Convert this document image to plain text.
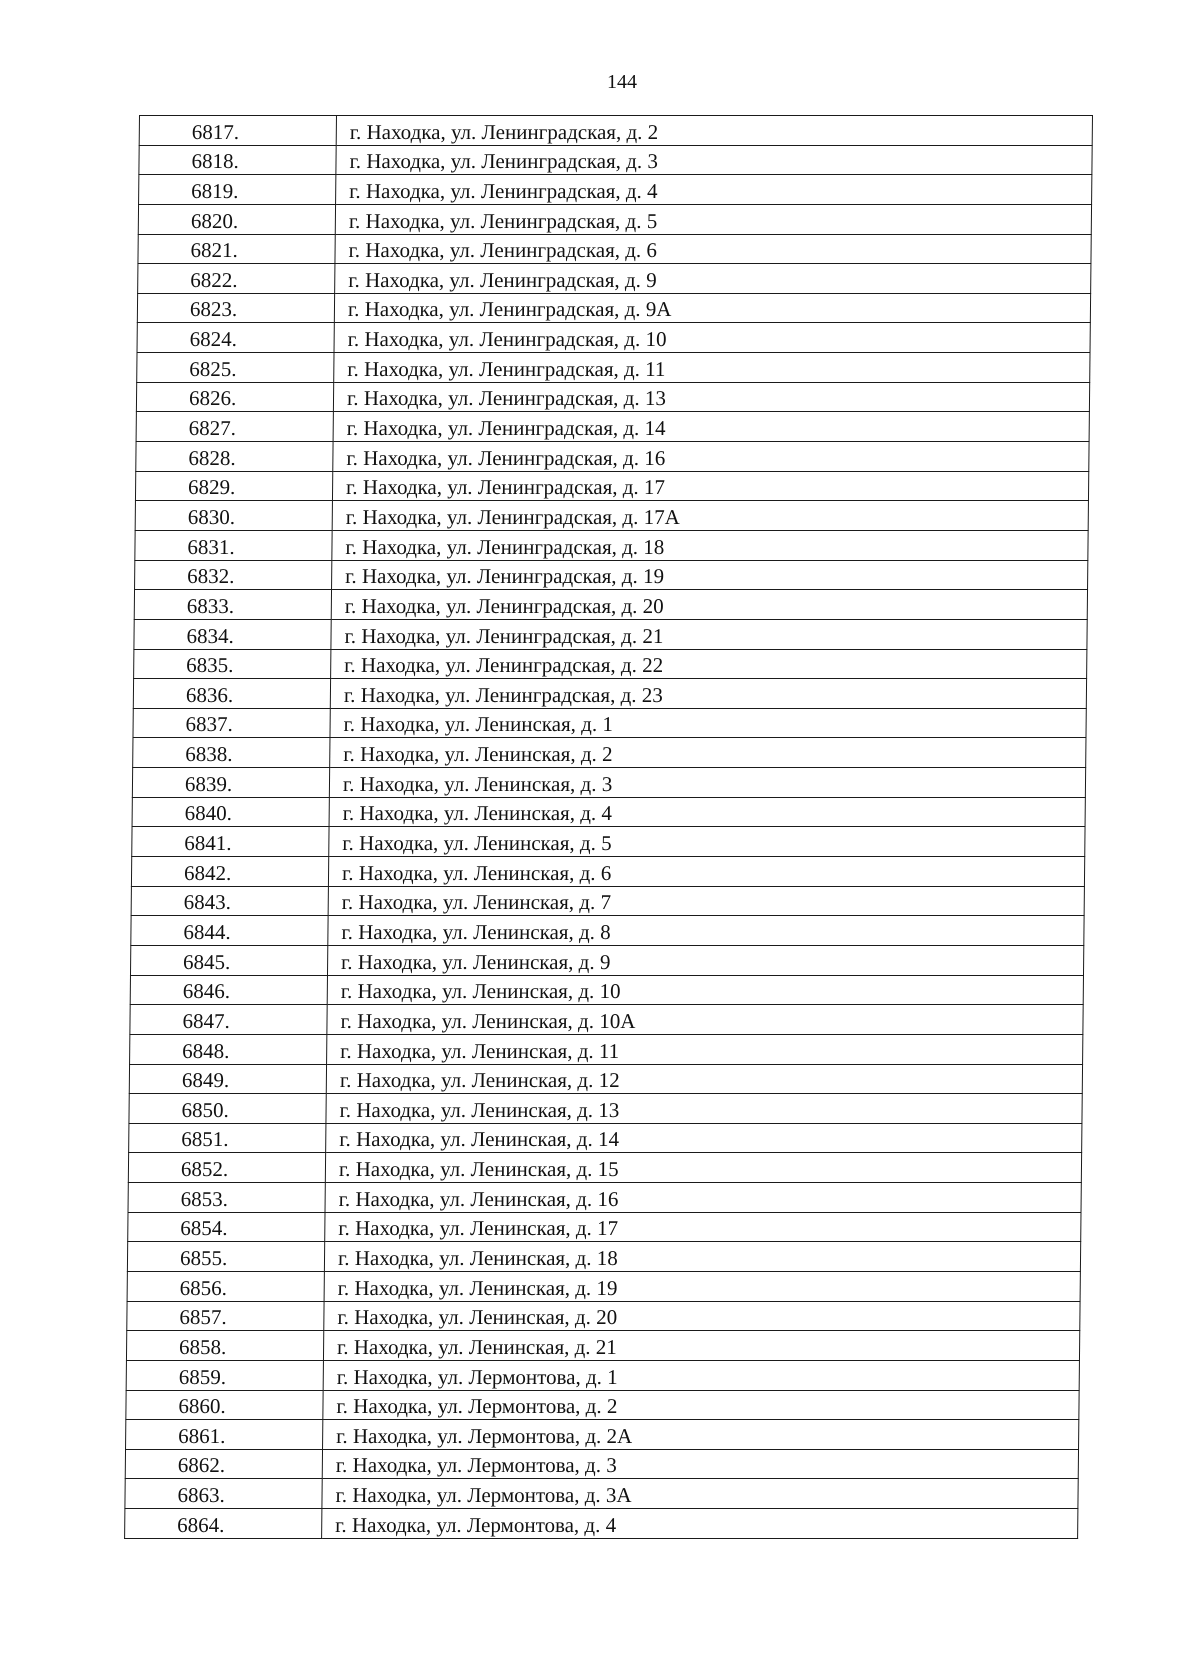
144
6817.	г. Находка, ул. Ленинградская, д. 2
6818.	г. Находка, ул. Ленинградская, д. 3
6819.	г. Находка, ул. Ленинградская, д. 4
6820.	г. Находка, ул. Ленинградская, д. 5
6821.	г. Находка, ул. Ленинградская, д. 6
6822.	г. Находка, ул. Ленинградская, д. 9
6823.	г. Находка, ул. Ленинградская, д. 9А
6824.	г. Находка, ул. Ленинградская, д. 10
6825.	г. Находка, ул. Ленинградская, д. 11
6826.	г. Находка, ул. Ленинградская, д. 13
6827.	г. Находка, ул. Ленинградская, д. 14
6828.	г. Находка, ул. Ленинградская, д. 16
6829.	г. Находка, ул. Ленинградская, д. 17
6830.	г. Находка, ул. Ленинградская, д. 17А
6831.	г. Находка, ул. Ленинградская, д. 18
6832.	г. Находка, ул. Ленинградская, д. 19
6833.	г. Находка, ул. Ленинградская, д. 20
6834.	г. Находка, ул. Ленинградская, д. 21
6835.	г. Находка, ул. Ленинградская, д. 22
6836.	г. Находка, ул. Ленинградская, д. 23
6837.	г. Находка, ул. Ленинская, д. 1
6838.	г. Находка, ул. Ленинская, д. 2
6839.	г. Находка, ул. Ленинская, д. 3
6840.	г. Находка, ул. Ленинская, д. 4
6841.	г. Находка, ул. Ленинская, д. 5
6842.	г. Находка, ул. Ленинская, д. 6
6843.	г. Находка, ул. Ленинская, д. 7
6844.	г. Находка, ул. Ленинская, д. 8
6845.	г. Находка, ул. Ленинская, д. 9
6846.	г. Находка, ул. Ленинская, д. 10
6847.	г. Находка, ул. Ленинская, д. 10А
6848.	г. Находка, ул. Ленинская, д. 11
6849.	г. Находка, ул. Ленинская, д. 12
6850.	г. Находка, ул. Ленинская, д. 13
6851.	г. Находка, ул. Ленинская, д. 14
6852.	г. Находка, ул. Ленинская, д. 15
6853.	г. Находка, ул. Ленинская, д. 16
6854.	г. Находка, ул. Ленинская, д. 17
6855.	г. Находка, ул. Ленинская, д. 18
6856.	г. Находка, ул. Ленинская, д. 19
6857.	г. Находка, ул. Ленинская, д. 20
6858.	г. Находка, ул. Ленинская, д. 21
6859.	г. Находка, ул. Лермонтова, д. 1
6860.	г. Находка, ул. Лермонтова, д. 2
6861.	г. Находка, ул. Лермонтова, д. 2А
6862.	г. Находка, ул. Лермонтова, д. 3
6863.	г. Находка, ул. Лермонтова, д. 3А
6864.	г. Находка, ул. Лермонтова, д. 4
